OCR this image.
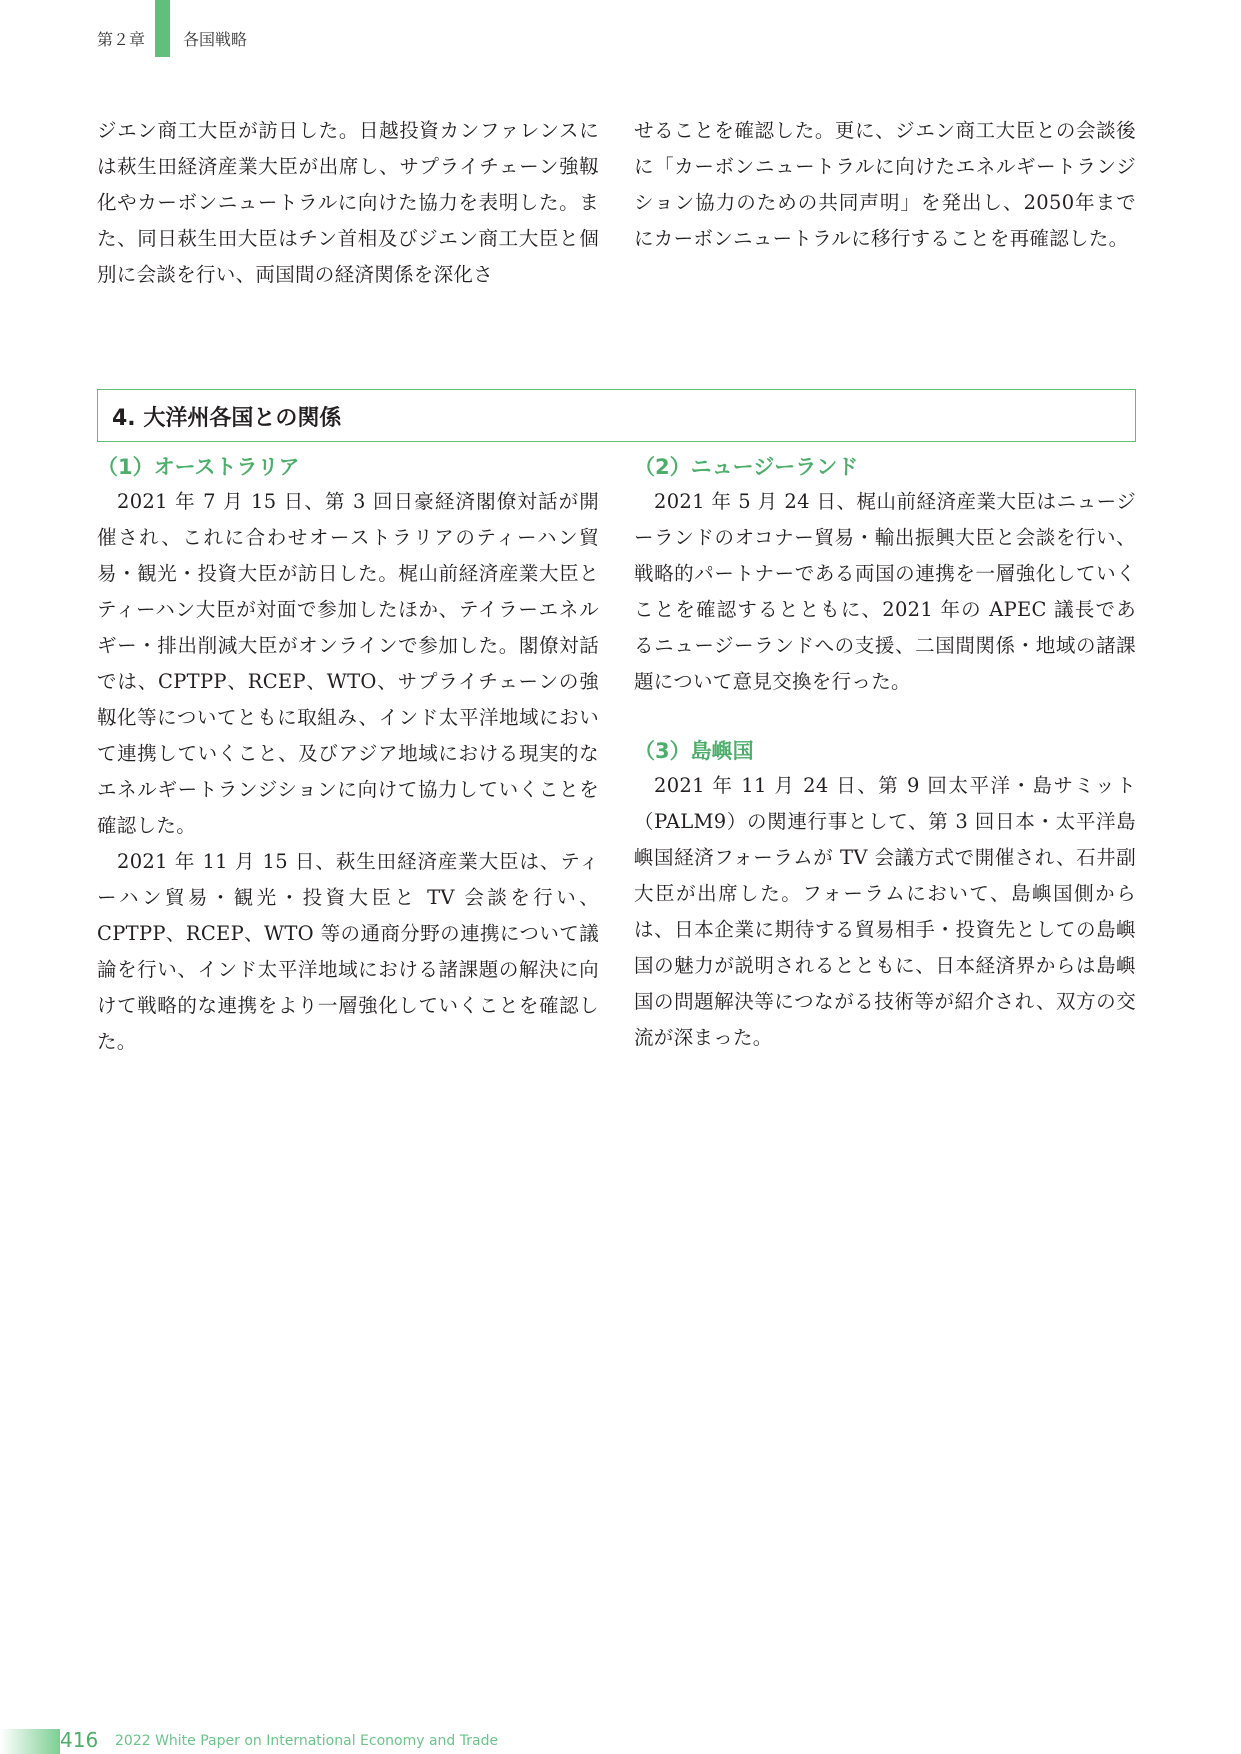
第２章 各国戦略

ジエン商工大臣が訪日した。日越投資カンファレンスには萩生田経済産業大臣が出席し、サプライチェーン強靱化やカーボンニュートラルに向けた協力を表明した。また、同日萩生田大臣はチン首相及びジエン商工大臣と個別に会談を行い、両国間の経済関係を深化さ

せることを確認した。更に、ジエン商工大臣との会談後に「カーボンニュートラルに向けたエネルギートランジション協力のための共同声明」を発出し、2050年までにカーボンニュートラルに移行することを再確認した。

4. 大洋州各国との関係
（1）オーストラリア

2021 年 7 月 15 日、第 3 回日豪経済閣僚対話が開催され、これに合わせオーストラリアのティーハン貿易・観光・投資大臣が訪日した。梶山前経済産業大臣とティーハン大臣が対面で参加したほか、テイラーエネルギー・排出削減大臣がオンラインで参加した。閣僚対話では、CPTPP、RCEP、WTO、サプライチェーンの強靱化等についてともに取組み、インド太平洋地域において連携していくこと、及びアジア地域における現実的なエネルギートランジションに向けて協力していくことを確認した。

2021 年 11 月 15 日、萩生田経済産業大臣は、ティーハン貿易・観光・投資大臣と TV 会談を行い、CPTPP、RCEP、WTO 等の通商分野の連携について議論を行い、インド太平洋地域における諸課題の解決に向けて戦略的な連携をより一層強化していくことを確認した。

（2）ニュージーランド

2021 年 5 月 24 日、梶山前経済産業大臣はニュージーランドのオコナー貿易・輸出振興大臣と会談を行い、戦略的パートナーである両国の連携を一層強化していくことを確認するとともに、2021 年の APEC 議長であるニュージーランドへの支援、二国間関係・地域の諸課題について意見交換を行った。

（3）島嶼国

2021 年 11 月 24 日、第 9 回太平洋・島サミット（PALM9）の関連行事として、第 3 回日本・太平洋島嶼国経済フォーラムが TV 会議方式で開催され、石井副大臣が出席した。フォーラムにおいて、島嶼国側からは、日本企業に期待する貿易相手・投資先としての島嶼国の魅力が説明されるとともに、日本経済界からは島嶼国の問題解決等につながる技術等が紹介され、双方の交流が深まった。

416 2022 White Paper on International Economy and Trade
